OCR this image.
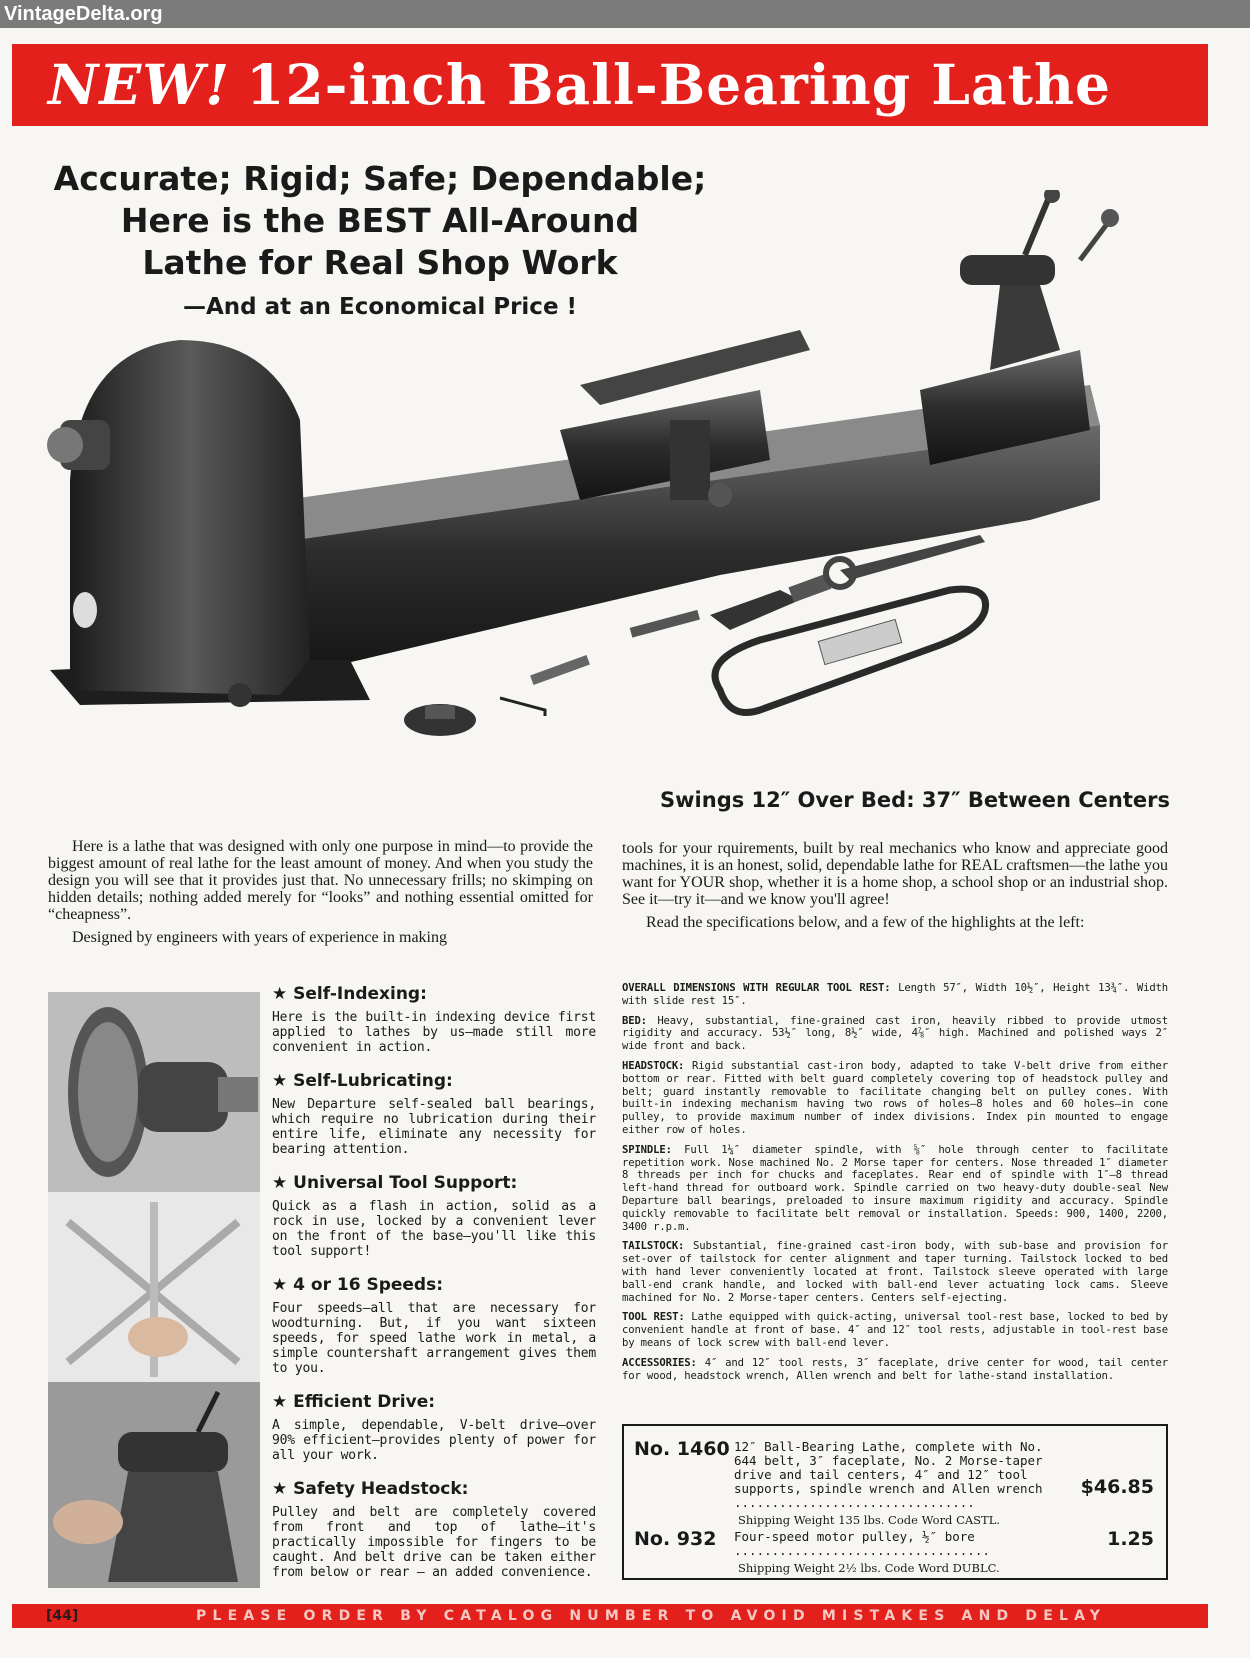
VintageDelta.org
NEW! 12-inch Ball-Bearing Lathe
Accurate; Rigid; Safe; Dependable;
Here is the BEST All-Around
Lathe for Real Shop Work
—And at an Economical Price !
Swings 12″ Over Bed: 37″ Between Centers

Here is a lathe that was designed with only one purpose in mind—to provide the biggest amount of real lathe for the least amount of money. And when you study the design you will see that it provides just that. No unnecessary frills; no skimping on hidden details; nothing added merely for “looks” and nothing essential omitted for “cheapness”.

Designed by engineers with years of experience in making

tools for your rquirements, built by real mechanics who know and appreciate good machines, it is an honest, solid, dependable lathe for REAL craftsmen—the lathe you want for YOUR shop, whether it is a home shop, a school shop or an industrial shop. See it—try it—and we know you'll agree!

Read the specifications below, and a few of the highlights at the left:

★ Self-Indexing:
Here is the built-in indexing device first applied to lathes by us—made still more convenient in action.
★ Self-Lubricating:
New Departure self-sealed ball bearings, which require no lubrication during their entire life, eliminate any necessity for bearing attention.
★ Universal Tool Support:
Quick as a flash in action, solid as a rock in use, locked by a convenient lever on the front of the base—you'll like this tool support!
★ 4 or 16 Speeds:
Four speeds—all that are necessary for woodturning. But, if you want sixteen speeds, for speed lathe work in metal, a simple countershaft arrangement gives them to you.
★ Efficient Drive:
A simple, dependable, V-belt drive—over 90% efficient—provides plenty of power for all your work.
★ Safety Headstock:
Pulley and belt are completely covered from front and top of lathe—it's practically impossible for fingers to be caught. And belt drive can be taken either from below or rear — an added convenience.
OVERALL DIMENSIONS WITH REGULAR TOOL REST: Length 57″, Width 10½″, Height 13¾″. Width with slide rest 15″.
BED: Heavy, substantial, fine-grained cast iron, heavily ribbed to provide utmost rigidity and accuracy. 53½″ long, 8½″ wide, 4⅞″ high. Machined and polished ways 2″ wide front and back.
HEADSTOCK: Rigid substantial cast-iron body, adapted to take V-belt drive from either bottom or rear. Fitted with belt guard completely covering top of headstock pulley and belt; guard instantly removable to facilitate changing belt on pulley cones. With built-in indexing mechanism having two rows of holes—8 holes and 60 holes—in cone pulley, to provide maximum number of index divisions. Index pin mounted to engage either row of holes.
SPINDLE: Full 1¼″ diameter spindle, with ⅝″ hole through center to facilitate repetition work. Nose machined No. 2 Morse taper for centers. Nose threaded 1″ diameter 8 threads per inch for chucks and faceplates. Rear end of spindle with 1″—8 thread left-hand thread for outboard work. Spindle carried on two heavy-duty double-seal New Departure ball bearings, preloaded to insure maximum rigidity and accuracy. Spindle quickly removable to facilitate belt removal or installation. Speeds: 900, 1400, 2200, 3400 r.p.m.
TAILSTOCK: Substantial, fine-grained cast-iron body, with sub-base and provision for set-over of tailstock for center alignment and taper turning. Tailstock locked to bed with hand lever conveniently located at front. Tailstock sleeve operated with large ball-end crank handle, and locked with ball-end lever actuating lock cams. Sleeve machined for No. 2 Morse-taper centers. Centers self-ejecting.
TOOL REST: Lathe equipped with quick-acting, universal tool-rest base, locked to bed by convenient handle at front of base. 4″ and 12″ tool rests, adjustable in tool-rest base by means of lock screw with ball-end lever.
ACCESSORIES: 4″ and 12″ tool rests, 3″ faceplate, drive center for wood, tail center for wood, headstock wrench, Allen wrench and belt for lathe-stand installation.
No. 1460 12″ Ball-Bearing Lathe, complete with No. 644 belt, 3″ faceplate, No. 2 Morse-taper drive and tail centers, 4″ and 12″ tool supports, spindle wrench and Allen wrench ................................
Shipping Weight 135 lbs. Code Word CASTL.
$46.85
No. 932 Four-speed motor pulley, ½″ bore ..................................
Shipping Weight 2½ lbs. Code Word DUBLC.
1.25
[44]	PLEASE ORDER BY CATALOG NUMBER TO AVOID MISTAKES AND DELAY
